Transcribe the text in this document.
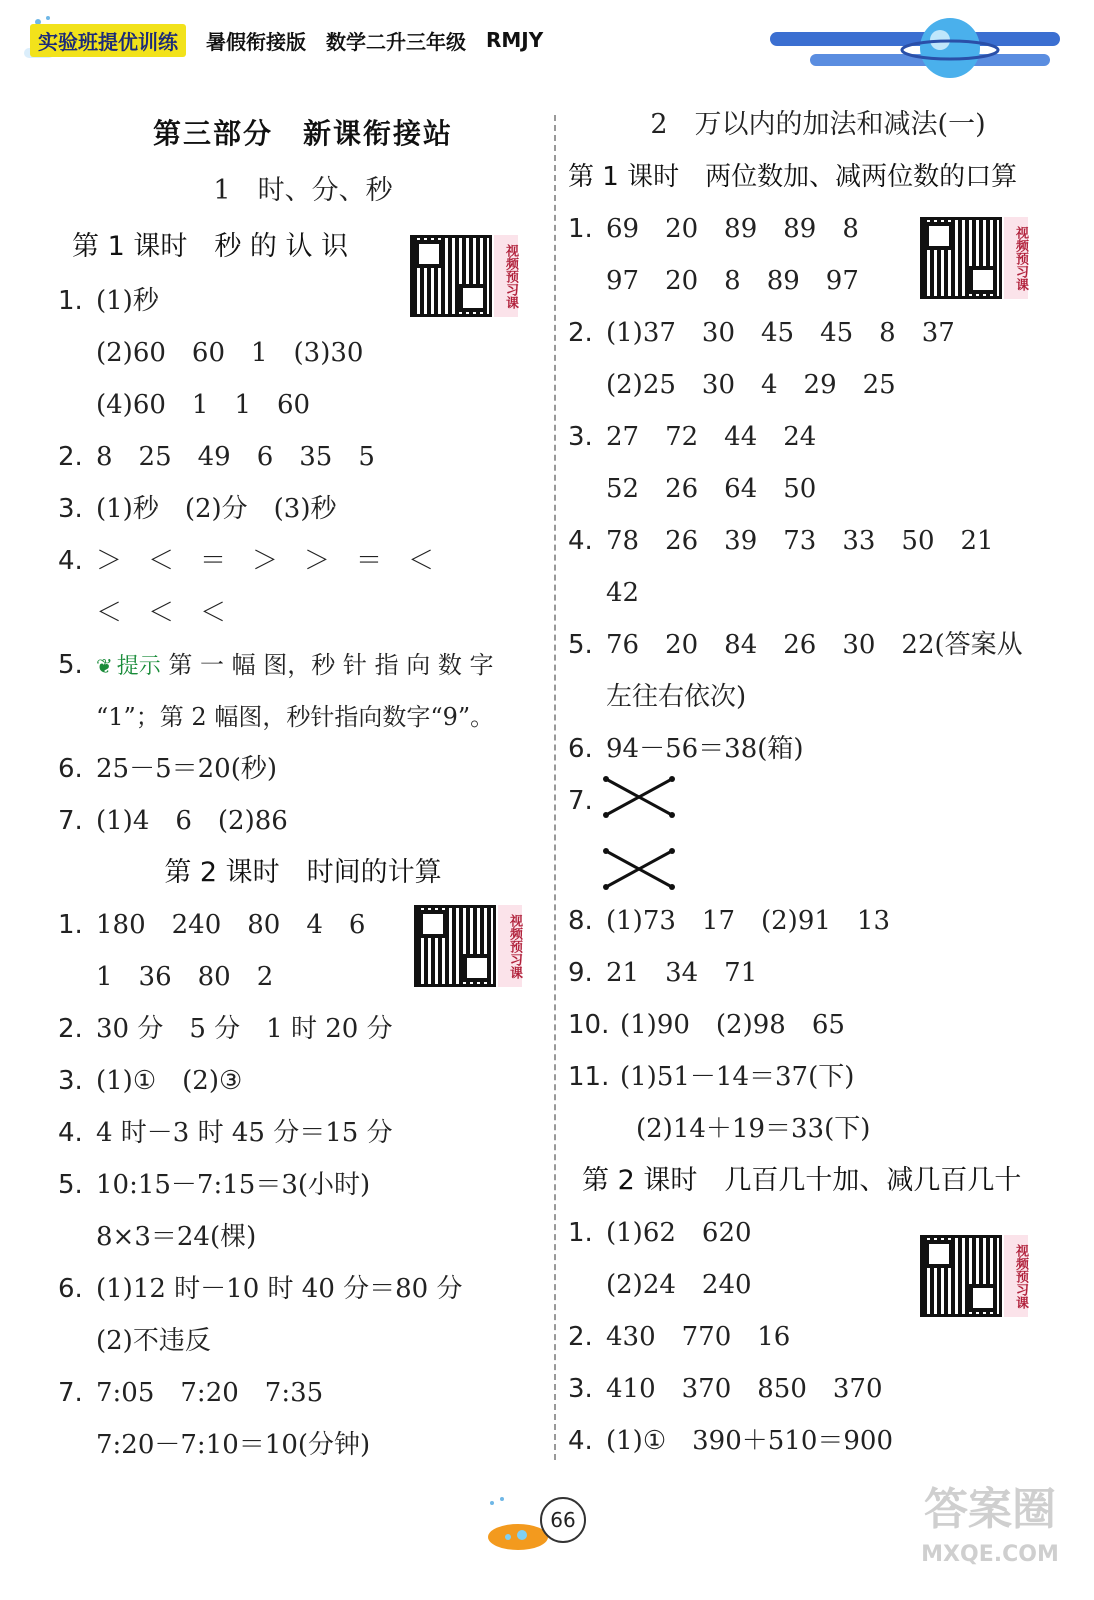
实验班提优训练	暑假衔接版 数学二升三年级 RMJY
第三部分　新课衔接站
1　时、分、秒
第 1 课时　秒 的 认 识	视频预习课
1. (1)秒
(2)60　60　1　(3)30
(4)60　1　1　60
2. 8　25　49　6　35　5
3. (1)秒　(2)分　(3)秒
4. ＞　＜　＝　＞　＞　＝　＜
＜　＜　＜
5. ❦ 提示 第 一 幅 图，秒 针 指 向 数 字
“1”；第 2 幅图，秒针指向数字“9”。
6. 25－5＝20(秒)
7. (1)4　6　(2)86
第 2 课时　时间的计算
视频预习课
1. 180　240　80　4　6
1　36　80　2
2. 30 分　5 分　1 时 20 分
3. (1)①　(2)③
4. 4 时－3 时 45 分＝15 分
5. 10:15－7:15＝3(小时)
8×3＝24(棵)
6. (1)12 时－10 时 40 分＝80 分
(2)不违反
7. 7:05　7:20　7:35
7:20－7:10＝10(分钟)
2　万以内的加法和减法(一)
第 1 课时　两位数加、减两位数的口算
视频预习课
1. 69　20　89　89　8
97　20　8　89　97
2. (1)37　30　45　45　8　37
(2)25　30　4　29　25
3. 27　72　44　24
52　26　64　50
4. 78　26　39　73　33　50　21
42
5. 76　20　84　26　30　22(答案从
左往右依次)
6. 94－56＝38(箱)
7.
8. (1)73　17　(2)91　13
9. 21　34　71
10. (1)90　(2)98　65
11. (1)51－14＝37(下)
(2)14＋19＝33(下)
第 2 课时　几百几十加、减几百几十
视频预习课
1. (1)62　620
(2)24　240
2. 430　770　16
3. 410　370　850　370
4. (1)①　390＋510＝900
66	答案圈
MXQE.COM
